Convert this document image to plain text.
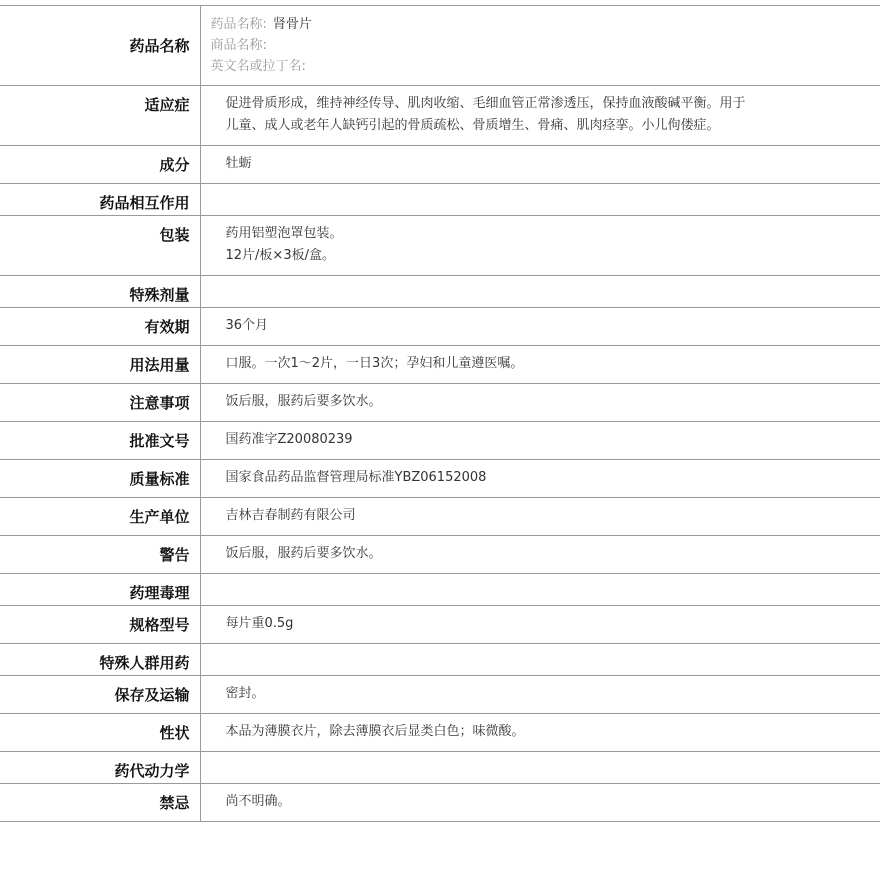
药品名称	药品名称: 肾骨片
商品名称:
英文名或拉丁名:

适应症	促进骨质形成，维持神经传导、肌肉收缩、毛细血管正常渗透压，保持血液酸碱平衡。用于
儿童、成人或老年人缺钙引起的骨质疏松、骨质增生、骨痛、肌肉痉挛。小儿佝偻症。

成分	牡蛎

药品相互作用	

包装	药用铝塑泡罩包装。
12片/板×3板/盒。

特殊剂量	

有效期	36个月

用法用量	口服。一次1～2片，一日3次；孕妇和儿童遵医嘱。

注意事项	饭后服，服药后要多饮水。

批准文号	国药准字Z20080239

质量标准	国家食品药品监督管理局标准YBZ06152008

生产单位	吉林吉春制药有限公司

警告	饭后服，服药后要多饮水。

药理毒理	

规格型号	每片重0.5g

特殊人群用药	

保存及运输	密封。

性状	本品为薄膜衣片，除去薄膜衣后显类白色；味微酸。

药代动力学	

禁忌	尚不明确。
